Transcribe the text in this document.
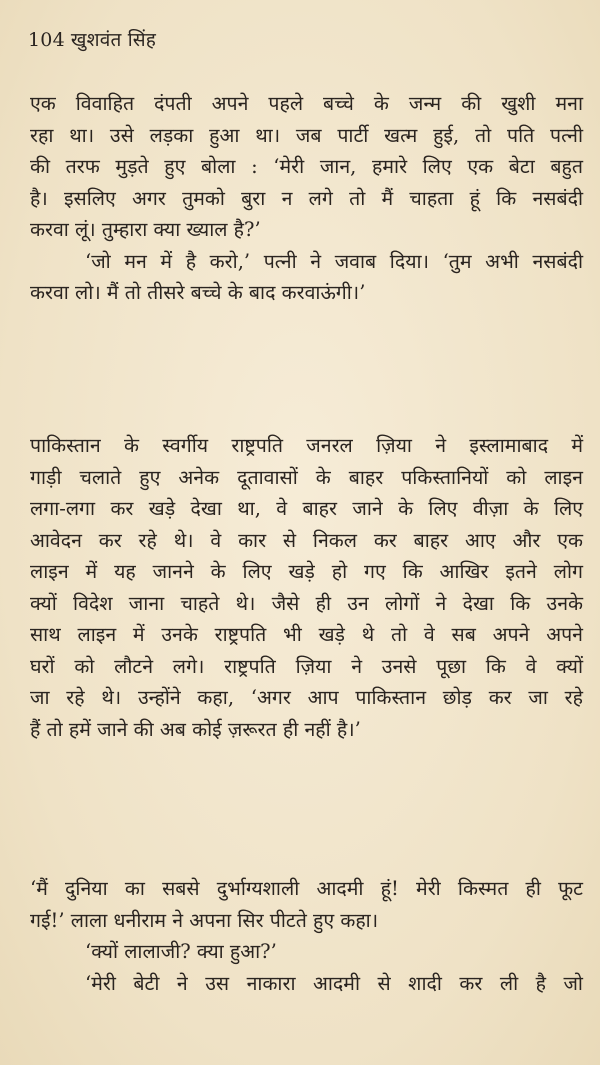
104 खुशवंत सिंह
एक विवाहित दंपती अपने पहले बच्चे के जन्म की खुशी मना
रहा था। उसे लड़का हुआ था। जब पार्टी खत्म हुई, तो पति पत्नी
की तरफ मुड़ते हुए बोला : ‘मेरी जान, हमारे लिए एक बेटा बहुत
है। इसलिए अगर तुमको बुरा न लगे तो मैं चाहता हूं कि नसबंदी
करवा लूं। तुम्हारा क्या ख्याल है?’
‘जो मन में है करो,’ पत्नी ने जवाब दिया। ‘तुम अभी नसबंदी
करवा लो। मैं तो तीसरे बच्चे के बाद करवाऊंगी।’
पाकिस्तान के स्वर्गीय राष्ट्रपति जनरल ज़िया ने इस्लामाबाद में
गाड़ी चलाते हुए अनेक दूतावासों के बाहर पकिस्तानियों को लाइन
लगा-लगा कर खड़े देखा था, वे बाहर जाने के लिए वीज़ा के लिए
आवेदन कर रहे थे। वे कार से निकल कर बाहर आए और एक
लाइन में यह जानने के लिए खड़े हो गए कि आखिर इतने लोग
क्यों विदेश जाना चाहते थे। जैसे ही उन लोगों ने देखा कि उनके
साथ लाइन में उनके राष्ट्रपति भी खड़े थे तो वे सब अपने अपने
घरों को लौटने लगे। राष्ट्रपति ज़िया ने उनसे पूछा कि वे क्यों
जा रहे थे। उन्होंने कहा, ‘अगर आप पाकिस्तान छोड़ कर जा रहे
हैं तो हमें जाने की अब कोई ज़रूरत ही नहीं है।’
‘मैं दुनिया का सबसे दुर्भाग्यशाली आदमी हूं! मेरी किस्मत ही फूट
गई!’ लाला धनीराम ने अपना सिर पीटते हुए कहा।
‘क्यों लालाजी? क्या हुआ?’
‘मेरी बेटी ने उस नाकारा आदमी से शादी कर ली है जो
